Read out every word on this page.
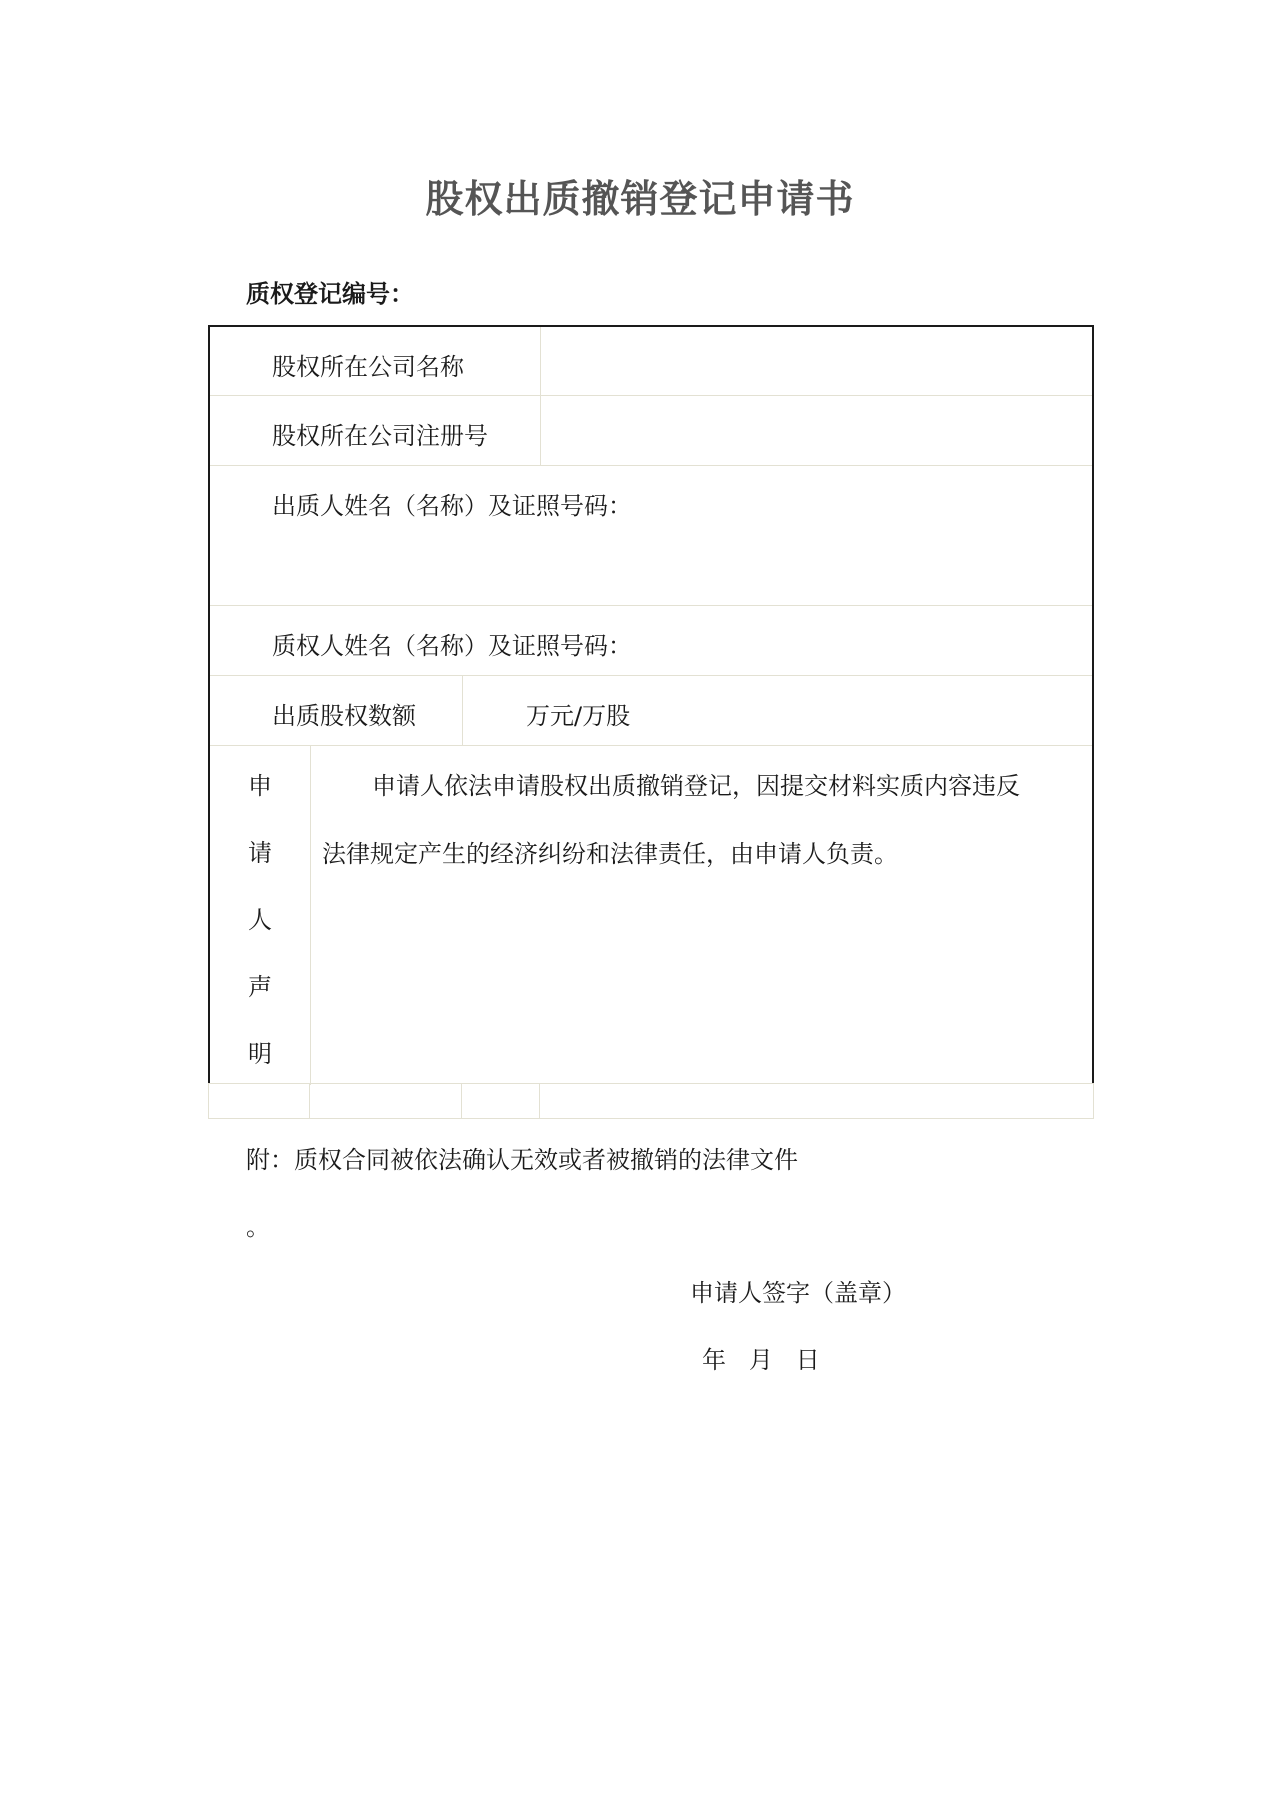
股权出质撤销登记申请书
质权登记编号：
股权所在公司名称
股权所在公司注册号
出质人姓名（名称）及证照号码：
质权人姓名（名称）及证照号码：
出质股权数额	万元/万股
申
请
人
声
明
申请人依法申请股权出质撤销登记，因提交材料实质内容违反
法律规定产生的经济纠纷和法律责任，由申请人负责。
附：质权合同被依法确认无效或者被撤销的法律文件
。
申请人签字（盖章）
年   月   日
